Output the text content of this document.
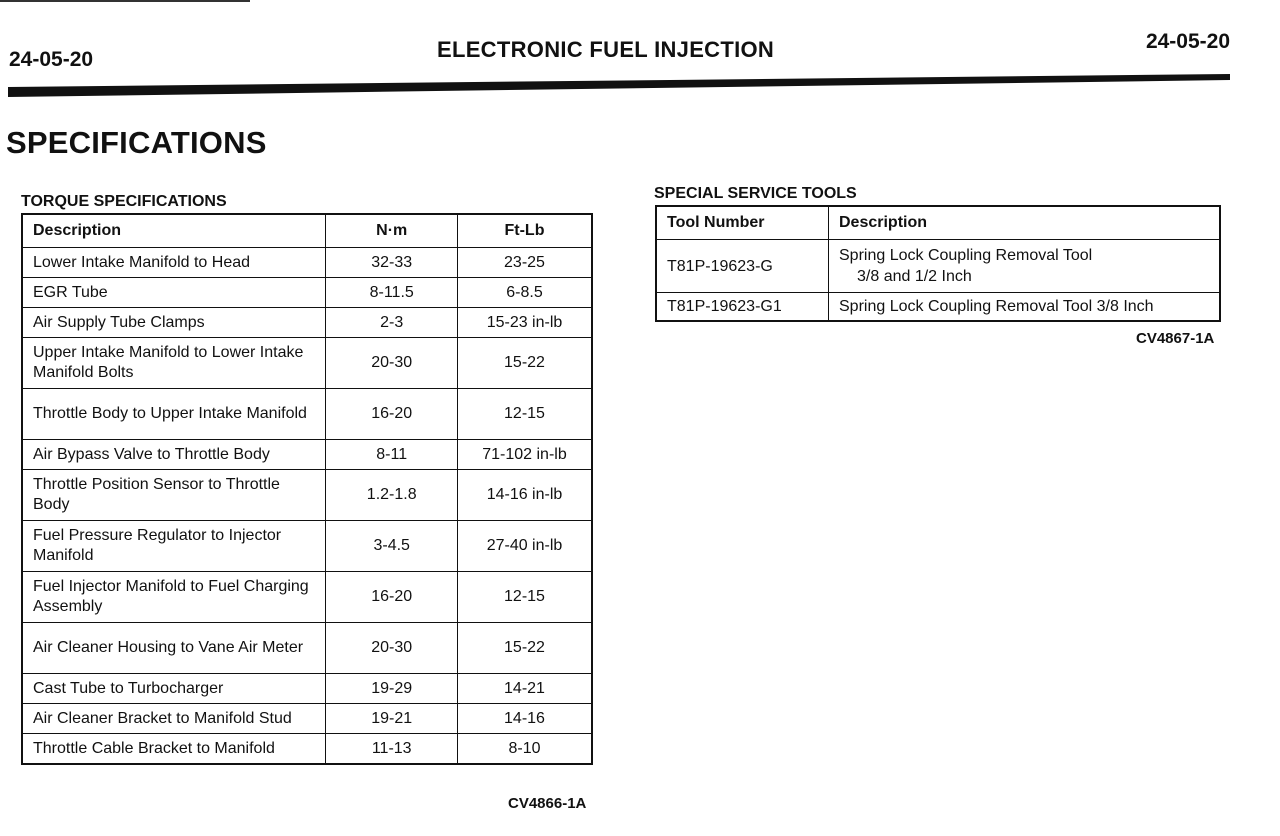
24-05-20	ELECTRONIC FUEL INJECTION	24-05-20
SPECIFICATIONS
TORQUE SPECIFICATIONS
Description	N·m	Ft-Lb
Lower Intake Manifold to Head	32-33	23-25
EGR Tube	8-11.5	6-8.5
Air Supply Tube Clamps	2-3	15-23 in-lb
Upper Intake Manifold to Lower Intake Manifold Bolts	20-30	15-22
Throttle Body to Upper Intake Manifold	16-20	12-15
Air Bypass Valve to Throttle Body	8-11	71-102 in-lb
Throttle Position Sensor to Throttle Body	1.2-1.8	14-16 in-lb
Fuel Pressure Regulator to Injector Manifold	3-4.5	27-40 in-lb
Fuel Injector Manifold to Fuel Charging Assembly	16-20	12-15
Air Cleaner Housing to Vane Air Meter	20-30	15-22
Cast Tube to Turbocharger	19-29	14-21
Air Cleaner Bracket to Manifold Stud	19-21	14-16
Throttle Cable Bracket to Manifold	11-13	8-10
CV4866-1A
SPECIAL SERVICE TOOLS
Tool Number	Description
T81P-19623-G	Spring Lock Coupling Removal Tool
3/8 and 1/2 Inch

T81P-19623-G1	Spring Lock Coupling Removal Tool 3/8 Inch
CV4867-1A
